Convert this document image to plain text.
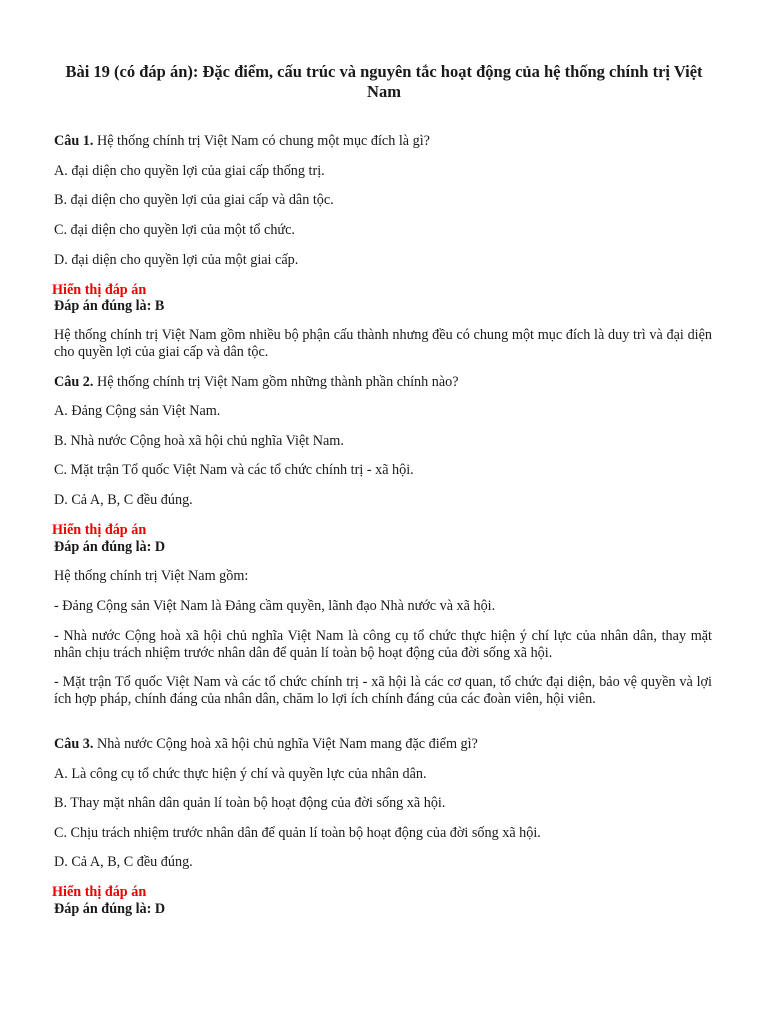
Bài 19 (có đáp án): Đặc điểm, cấu trúc và nguyên tắc hoạt động của hệ thống chính trị Việt Nam
Câu 1. Hệ thống chính trị Việt Nam có chung một mục đích là gì?
A. đại diện cho quyền lợi của giai cấp thống trị.
B. đại diện cho quyền lợi của giai cấp và dân tộc.
C. đại diện cho quyền lợi của một tổ chức.
D. đại diện cho quyền lợi của một giai cấp.
Hiển thị đáp án
Đáp án đúng là: B
Hệ thống chính trị Việt Nam gồm nhiều bộ phận cấu thành nhưng đều có chung một mục đích là duy trì và đại diện cho quyền lợi của giai cấp và dân tộc.
Câu 2. Hệ thống chính trị Việt Nam gồm những thành phần chính nào?
A. Đảng Cộng sản Việt Nam.
B. Nhà nước Cộng hoà xã hội chủ nghĩa Việt Nam.
C. Mặt trận Tổ quốc Việt Nam và các tổ chức chính trị - xã hội.
D. Cả A, B, C đều đúng.
Hiển thị đáp án
Đáp án đúng là: D
Hệ thống chính trị Việt Nam gồm:
- Đảng Cộng sản Việt Nam là Đảng cầm quyền, lãnh đạo Nhà nước và xã hội.
- Nhà nước Cộng hoà xã hội chủ nghĩa Việt Nam là công cụ tổ chức thực hiện ý chí lực của nhân dân, thay mặt nhân chịu trách nhiệm trước nhân dân để quản lí toàn bộ hoạt động của đời sống xã hội.
- Mặt trận Tổ quốc Việt Nam và các tổ chức chính trị - xã hội là các cơ quan, tổ chức đại diện, bảo vệ quyền và lợi ích hợp pháp, chính đáng của nhân dân, chăm lo lợi ích chính đáng của các đoàn viên, hội viên.
Câu 3. Nhà nước Cộng hoà xã hội chủ nghĩa Việt Nam mang đặc điểm gì?
A. Là công cụ tổ chức thực hiện ý chí và quyền lực của nhân dân.
B. Thay mặt nhân dân quản lí toàn bộ hoạt động của đời sống xã hội.
C. Chịu trách nhiệm trước nhân dân để quản lí toàn bộ hoạt động của đời sống xã hội.
D. Cả A, B, C đều đúng.
Hiển thị đáp án
Đáp án đúng là: D
